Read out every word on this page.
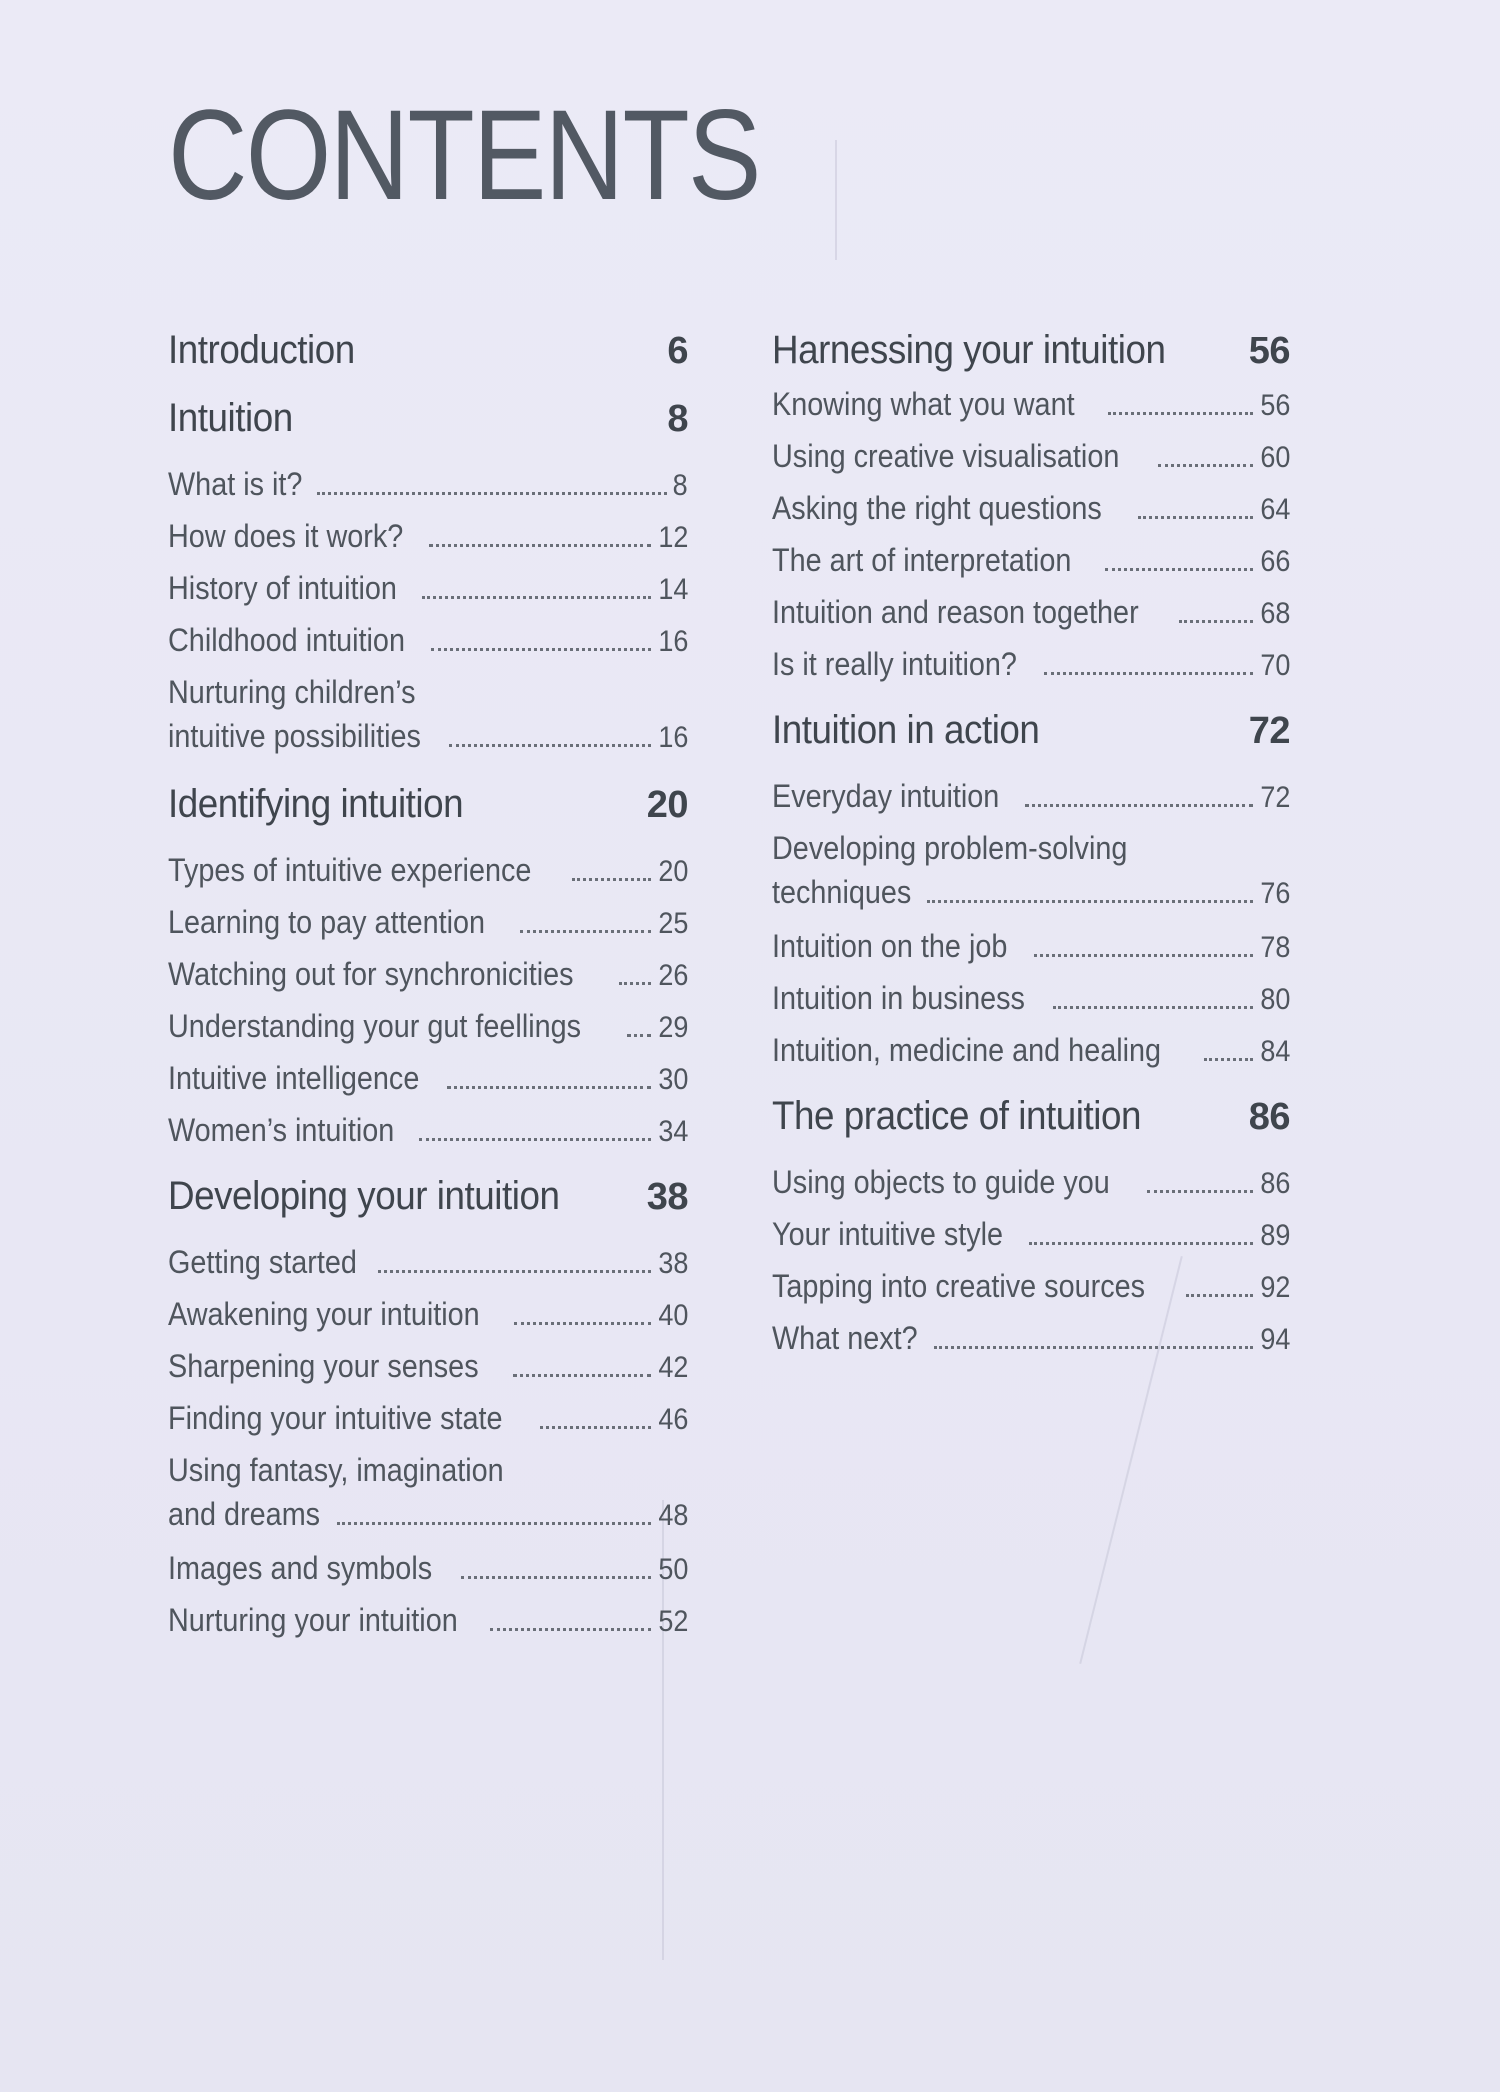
CONTENTS
Introduction	6
Intuition	8
What is it?	8
How does it work?	12
History of intuition	14
Childhood intuition	16
Nurturing children’s
intuitive possibilities	16
Identifying intuition	20
Types of intuitive experience	20
Learning to pay attention	25
Watching out for synchronicities	26
Understanding your gut feellings	29
Intuitive intelligence	30
Women’s intuition	34
Developing your intuition 38
Getting started	38
Awakening your intuition	40
Sharpening your senses	42
Finding your intuitive state	46
Using fantasy, imagination
and dreams	48
Images and symbols	50
Nurturing your intuition	52
Harnessing your intuition 56
Knowing what you want	56
Using creative visualisation	60
Asking the right questions	64
The art of interpretation	66
Intuition and reason together	68
Is it really intuition?	70
Intuition in action	72
Everyday intuition	72
Developing problem-solving
techniques	76
Intuition on the job	78
Intuition in business	80
Intuition, medicine and healing	84
The practice of intuition	86
Using objects to guide you	86
Your intuitive style	89
Tapping into creative sources	92
What next?	94
